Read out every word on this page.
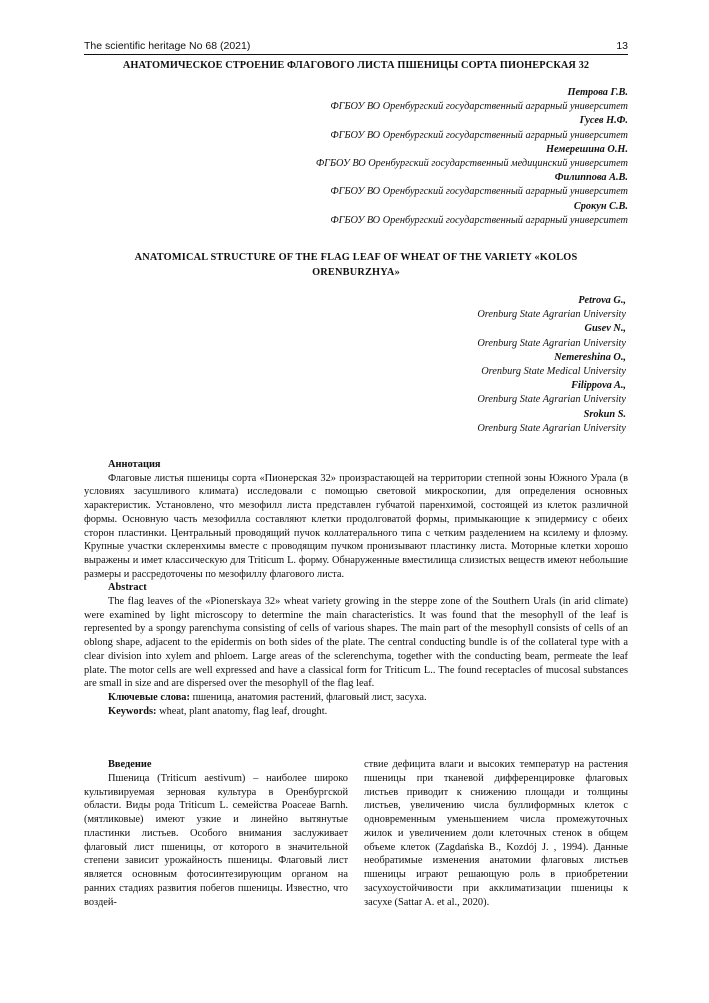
The scientific heritage No 68 (2021)	13
АНАТОМИЧЕСКОЕ СТРОЕНИЕ ФЛАГОВОГО ЛИСТА ПШЕНИЦЫ СОРТА ПИОНЕРСКАЯ 32
Петрова Г.В.
ФГБОУ ВО Оренбургский государственный аграрный университет
Гусев Н.Ф.
ФГБОУ ВО Оренбургский государственный аграрный университет
Немерешина О.Н.
ФГБОУ ВО Оренбургский государственный медицинский университет
Филиппова А.В.
ФГБОУ ВО Оренбургский государственный аграрный университет
Срокун С.В.
ФГБОУ ВО Оренбургский государственный аграрный университет
ANATOMICAL STRUCTURE OF THE FLAG LEAF OF WHEAT OF THE VARIETY «KOLOS
ORENBURZHYA»
Petrova G.,
Orenburg State Agrarian University
Gusev N.,
Orenburg State Agrarian University
Nemereshina O.,
Orenburg State Medical University
Filippova A.,
Orenburg State Agrarian University
Srokun S.
Orenburg State Agrarian University

Аннотация

Флаговые листья пшеницы сорта «Пионерская 32» произрастающей на территории степной зоны Южного Урала (в условиях засушливого климата) исследовали с помощью световой микроскопии, для определения основных характеристик. Установлено, что мезофилл листа представлен губчатой паренхимой, состоящей из клеток различной формы. Основную часть мезофилла составляют клетки продолговатой формы, примыкающие к эпидермису с обеих сторон пластинки. Центральный проводящий пучок коллатерального типа с четким разделением на ксилему и флоэму. Крупные участки склеренхимы вместе с проводящим пучком пронизывают пластинку листа. Моторные клетки хорошо выражены и имет классическую для Triticum L. форму. Обнаруженные вместилища слизистых веществ имеют небольшие размеры и рассредоточены по мезофиллу флагового листа.

Abstract

The flag leaves of the «Pionerskaya 32» wheat variety growing in the steppe zone of the Southern Urals (in arid climate) were examined by light microscopy to determine the main characteristics. It was found that the mesophyll of the leaf is represented by a spongy parenchyma consisting of cells of various shapes. The main part of the mesophyll consists of cells of an oblong shape, adjacent to the epidermis on both sides of the plate. The central conducting bundle is of the collateral type with a clear division into xylem and phloem. Large areas of the sclerenchyma, together with the conducting beam, permeate the leaf plate. The motor cells are well expressed and have a classical form for Triticum L.. The found receptacles of mucosal substances are small in size and are dispersed over the mesophyll of the flag leaf.

Ключевые слова: пшеница, анатомия растений, флаговый лист, засуха.

Keywords: wheat, plant anatomy, flag leaf, drought.

Введение

Пшеница (Triticum aestivum) – наиболее широко культивируемая зерновая культура в Оренбургской области. Виды рода Triticum L. семейства Poaceae Barnh. (мятликовые) имеют узкие и линейно вытянутые пластинки листьев. Особого внимания заслуживает флаговый лист пшеницы, от которого в значительной степени зависит урожайность пшеницы. Флаговый лист является основным фотосинтезирующим органом на ранних стадиях развития побегов пшеницы. Известно, что воздей-

ствие дефицита влаги и высоких температур на растения пшеницы при тканевой дифференцировке флаговых листьев приводит к снижению площади и толщины листьев, увеличению числа буллиформных клеток с одновременным уменьшением числа промежуточных жилок и увеличением доли клеточных стенок в общем объеме клеток (Zagdańska B., Kozdój J. , 1994). Данные необратимые изменения анатомии флаговых листьев пшеницы играют решающую роль в приобретении засухоустойчивости при акклиматизации пшеницы к засухе (Sattar A. et al., 2020).
